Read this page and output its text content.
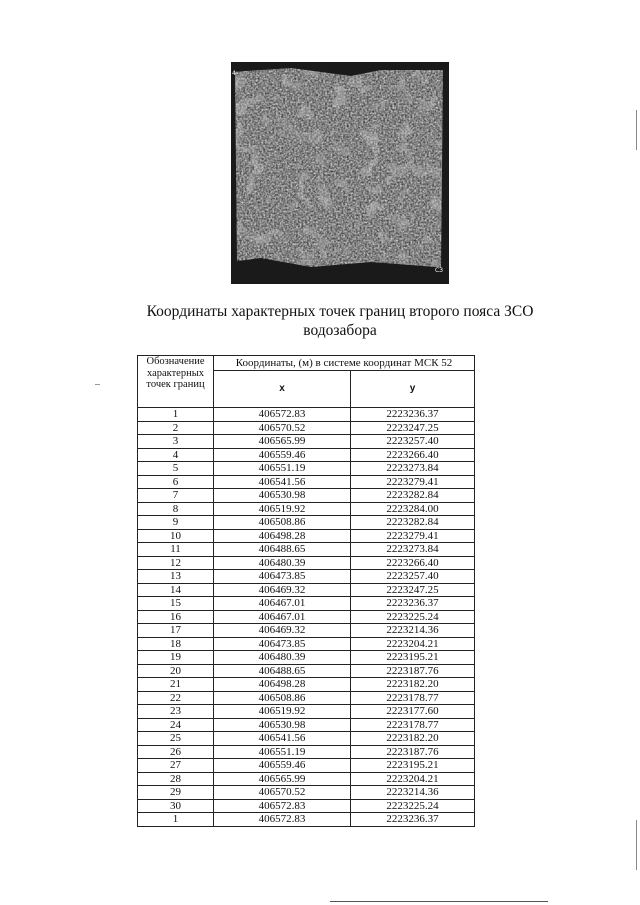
4
СЗ
Координаты характерных точек границ второго пояса ЗСО
водозабора
Обозначение характерных точек границ	Координаты, (м) в системе координат МСК 52	
	х	у
1	406572.83	2223236.37
2	406570.52	2223247.25
3	406565.99	2223257.40
4	406559.46	2223266.40
5	406551.19	2223273.84
6	406541.56	2223279.41
7	406530.98	2223282.84
8	406519.92	2223284.00
9	406508.86	2223282.84
10	406498.28	2223279.41
11	406488.65	2223273.84
12	406480.39	2223266.40
13	406473.85	2223257.40
14	406469.32	2223247.25
15	406467.01	2223236.37
16	406467.01	2223225.24
17	406469.32	2223214.36
18	406473.85	2223204.21
19	406480.39	2223195.21
20	406488.65	2223187.76
21	406498.28	2223182.20
22	406508.86	2223178.77
23	406519.92	2223177.60
24	406530.98	2223178.77
25	406541.56	2223182.20
26	406551.19	2223187.76
27	406559.46	2223195.21
28	406565.99	2223204.21
29	406570.52	2223214.36
30	406572.83	2223225.24
1	406572.83	2223236.37
